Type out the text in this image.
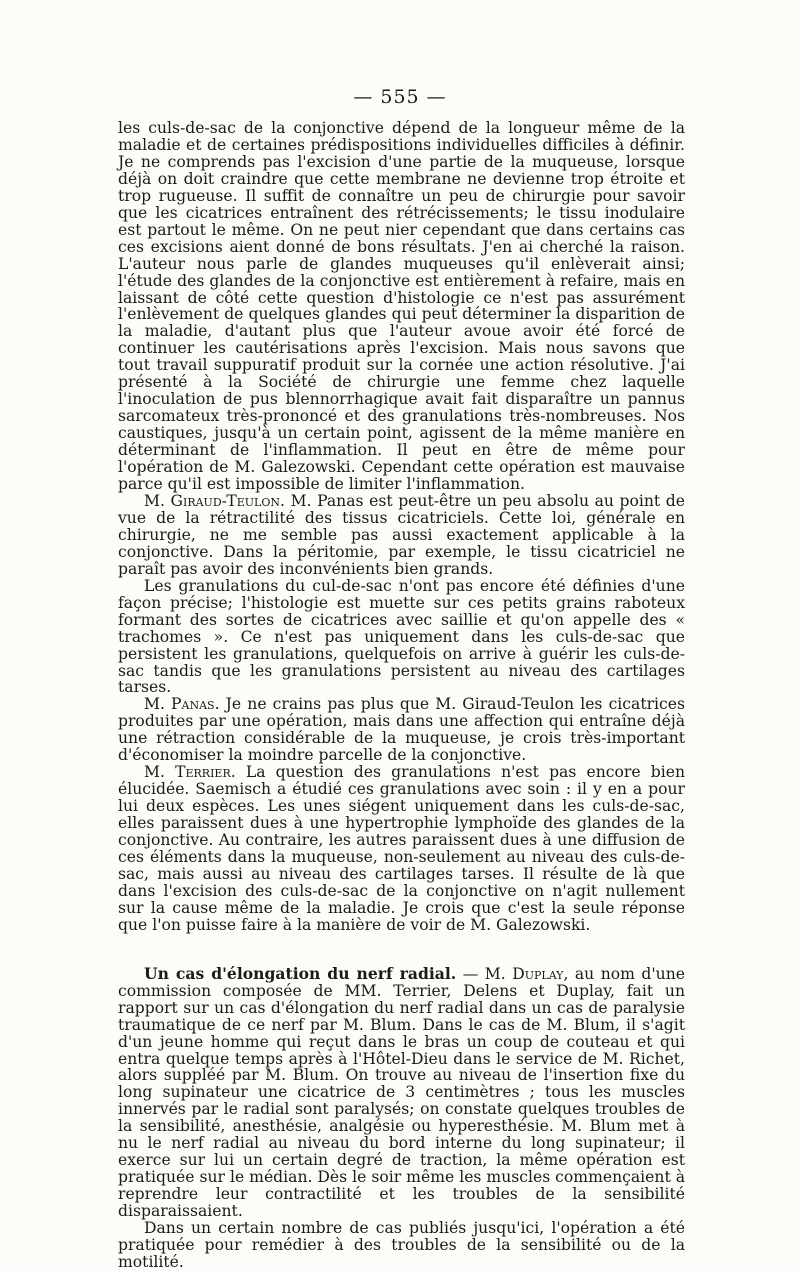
— 555 —

les culs-de-sac de la conjonctive dépend de la longueur même de la maladie et de certaines prédispositions individuelles difficiles à définir. Je ne comprends pas l'excision d'une partie de la muqueuse, lorsque déjà on doit craindre que cette membrane ne devienne trop étroite et trop rugueuse. Il suffit de connaître un peu de chirurgie pour savoir que les cicatrices entraînent des rétrécissements; le tissu inodulaire est partout le même. On ne peut nier cependant que dans certains cas ces excisions aient donné de bons résultats. J'en ai cherché la raison. L'auteur nous parle de glandes muqueuses qu'il enlèverait ainsi; l'étude des glandes de la conjonctive est entièrement à refaire, mais en laissant de côté cette question d'histologie ce n'est pas assurément l'enlèvement de quelques glandes qui peut déterminer la disparition de la maladie, d'autant plus que l'auteur avoue avoir été forcé de continuer les cautérisations après l'excision. Mais nous savons que tout travail suppuratif produit sur la cornée une action résolutive. J'ai présenté à la Société de chirurgie une femme chez laquelle l'inoculation de pus blennorrhagique avait fait disparaître un pannus sarcomateux très-prononcé et des granulations très-nombreuses. Nos caustiques, jusqu'à un certain point, agissent de la même manière en déterminant de l'inflammation. Il peut en être de même pour l'opération de M. Galezowski. Cependant cette opération est mauvaise parce qu'il est impossible de limiter l'inflammation.

M. Giraud-Teulon. M. Panas est peut-être un peu absolu au point de vue de la rétractilité des tissus cicatriciels. Cette loi, générale en chirurgie, ne me semble pas aussi exactement applicable à la conjonctive. Dans la péritomie, par exemple, le tissu cicatriciel ne paraît pas avoir des inconvénients bien grands.

Les granulations du cul-de-sac n'ont pas encore été définies d'une façon précise; l'histologie est muette sur ces petits grains raboteux formant des sortes de cicatrices avec saillie et qu'on appelle des « trachomes ». Ce n'est pas uniquement dans les culs-de-sac que persistent les granulations, quelquefois on arrive à guérir les culs-de-sac tandis que les granulations persistent au niveau des cartilages tarses.

M. Panas. Je ne crains pas plus que M. Giraud-Teulon les cicatrices produites par une opération, mais dans une affection qui entraîne déjà une rétraction considérable de la muqueuse, je crois très-important d'économiser la moindre parcelle de la conjonctive.

M. Terrier. La question des granulations n'est pas encore bien élucidée. Saemisch a étudié ces granulations avec soin : il y en a pour lui deux espèces. Les unes siégent uniquement dans les culs-de-sac, elles paraissent dues à une hypertrophie lymphoïde des glandes de la conjonctive. Au contraire, les autres paraissent dues à une diffusion de ces éléments dans la muqueuse, non-seulement au niveau des culs-de-sac, mais aussi au niveau des cartilages tarses. Il résulte de là que dans l'excision des culs-de-sac de la conjonctive on n'agit nullement sur la cause même de la maladie. Je crois que c'est la seule réponse que l'on puisse faire à la manière de voir de M. Galezowski.

Un cas d'élongation du nerf radial. — M. Duplay, au nom d'une commission composée de MM. Terrier, Delens et Duplay, fait un rapport sur un cas d'élongation du nerf radial dans un cas de paralysie traumatique de ce nerf par M. Blum. Dans le cas de M. Blum, il s'agit d'un jeune homme qui reçut dans le bras un coup de couteau et qui entra quelque temps après à l'Hôtel-Dieu dans le service de M. Richet, alors suppléé par M. Blum. On trouve au niveau de l'insertion fixe du long supinateur une cicatrice de 3 centimètres ; tous les muscles innervés par le radial sont paralysés; on constate quelques troubles de la sensibilité, anesthésie, analgésie ou hyperesthésie. M. Blum met à nu le nerf radial au niveau du bord interne du long supinateur; il exerce sur lui un certain degré de traction, la même opération est pratiquée sur le médian. Dès le soir même les muscles commençaient à reprendre leur contractilité et les troubles de la sensibilité disparaissaient.

Dans un certain nombre de cas publiés jusqu'ici, l'opération a été pratiquée pour remédier à des troubles de la sensibilité ou de la motilité.
